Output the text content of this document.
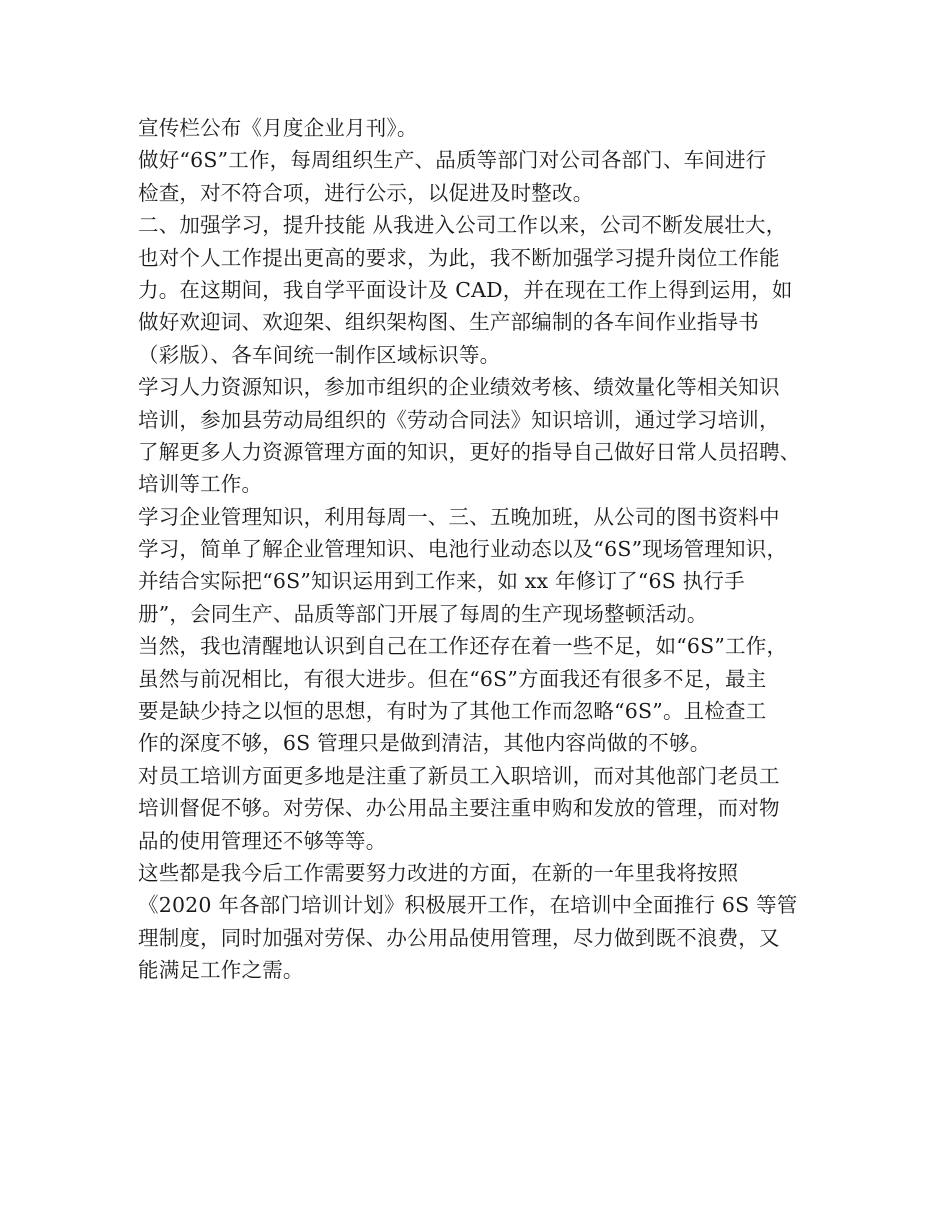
宣传栏公布《月度企业月刊》。
做好“6S”工作，每周组织生产、品质等部门对公司各部门、车间进行
检查，对不符合项，进行公示，以促进及时整改。
二、加强学习，提升技能 从我进入公司工作以来，公司不断发展壮大，
也对个人工作提出更高的要求，为此，我不断加强学习提升岗位工作能
力。在这期间，我自学平面设计及 CAD，并在现在工作上得到运用，如
做好欢迎词、欢迎架、组织架构图、生产部编制的各车间作业指导书
（彩版）、各车间统一制作区域标识等。
学习人力资源知识，参加市组织的企业绩效考核、绩效量化等相关知识
培训，参加县劳动局组织的《劳动合同法》知识培训，通过学习培训，
了解更多人力资源管理方面的知识，更好的指导自己做好日常人员招聘、
培训等工作。
学习企业管理知识，利用每周一、三、五晚加班，从公司的图书资料中
学习，简单了解企业管理知识、电池行业动态以及“6S”现场管理知识，
并结合实际把“6S”知识运用到工作来，如 xx 年修订了“6S 执行手
册”，会同生产、品质等部门开展了每周的生产现场整顿活动。
当然，我也清醒地认识到自己在工作还存在着一些不足，如“6S”工作，
虽然与前况相比，有很大进步。但在“6S”方面我还有很多不足，最主
要是缺少持之以恒的思想，有时为了其他工作而忽略“6S”。且检查工
作的深度不够，6S 管理只是做到清洁，其他内容尚做的不够。
对员工培训方面更多地是注重了新员工入职培训，而对其他部门老员工
培训督促不够。对劳保、办公用品主要注重申购和发放的管理，而对物
品的使用管理还不够等等。
这些都是我今后工作需要努力改进的方面，在新的一年里我将按照
《2020 年各部门培训计划》积极展开工作，在培训中全面推行 6S 等管
理制度，同时加强对劳保、办公用品使用管理，尽力做到既不浪费，又
能满足工作之需。
